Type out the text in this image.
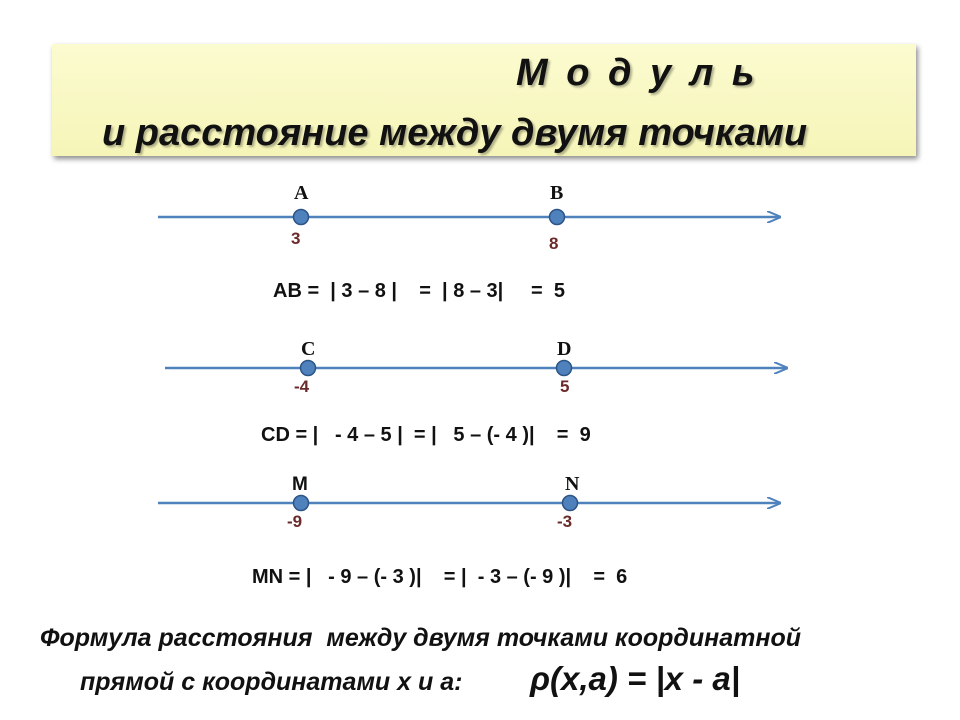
М о д у л ь
и расстояние между двумя точками
A	B
3	8
AB =  | 3 – 8 |    =  | 8 – 3|     =  5
C	D
-4	5
CD = |   - 4 – 5 |  = |   5 – (- 4 )|    =  9
M	N
-9	-3
MN = |   - 9 – (- 3 )|    = |  - 3 – (- 9 )|    =  6
Формула расстояния  между двумя точками координатной
прямой с координатами х и а: ρ(х,а) = |х - а|
